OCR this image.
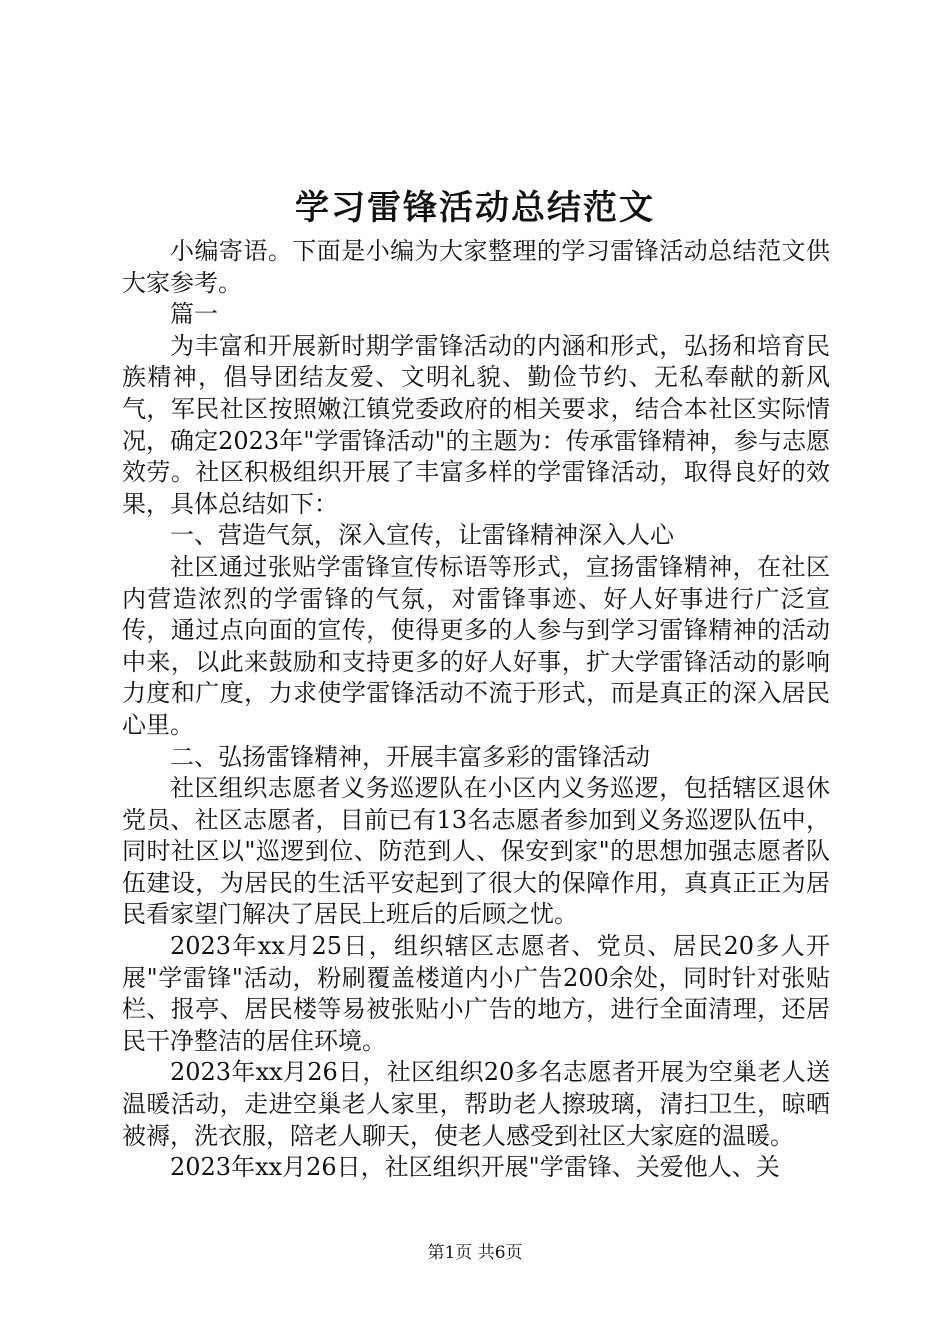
学习雷锋活动总结范文

小编寄语。下面是小编为大家整理的学习雷锋活动总结范文供大家参考。

篇一

为丰富和开展新时期学雷锋活动的内涵和形式，弘扬和培育民族精神，倡导团结友爱、文明礼貌、勤俭节约、无私奉献的新风气，军民社区按照嫩江镇党委政府的相关要求，结合本社区实际情况，确定2023年"学雷锋活动"的主题为：传承雷锋精神，参与志愿效劳。社区积极组织开展了丰富多样的学雷锋活动，取得良好的效果，具体总结如下：

一、营造气氛，深入宣传，让雷锋精神深入人心

社区通过张贴学雷锋宣传标语等形式，宣扬雷锋精神，在社区内营造浓烈的学雷锋的气氛，对雷锋事迹、好人好事进行广泛宣传，通过点向面的宣传，使得更多的人参与到学习雷锋精神的活动中来，以此来鼓励和支持更多的好人好事，扩大学雷锋活动的影响力度和广度，力求使学雷锋活动不流于形式，而是真正的深入居民心里。

二、弘扬雷锋精神，开展丰富多彩的雷锋活动

社区组织志愿者义务巡逻队在小区内义务巡逻，包括辖区退休党员、社区志愿者，目前已有13名志愿者参加到义务巡逻队伍中，同时社区以"巡逻到位、防范到人、保安到家"的思想加强志愿者队伍建设，为居民的生活平安起到了很大的保障作用，真真正正为居民看家望门解决了居民上班后的后顾之忧。

2023年xx月25日，组织辖区志愿者、党员、居民20多人开展"学雷锋"活动，粉刷覆盖楼道内小广告200余处，同时针对张贴栏、报亭、居民楼等易被张贴小广告的地方，进行全面清理，还居民干净整洁的居住环境。

2023年xx月26日，社区组织20多名志愿者开展为空巢老人送温暖活动，走进空巢老人家里，帮助老人擦玻璃，清扫卫生，晾晒被褥，洗衣服，陪老人聊天，使老人感受到社区大家庭的温暖。

2023年xx月26日，社区组织开展"学雷锋、关爱他人、关

第1页 共6页
